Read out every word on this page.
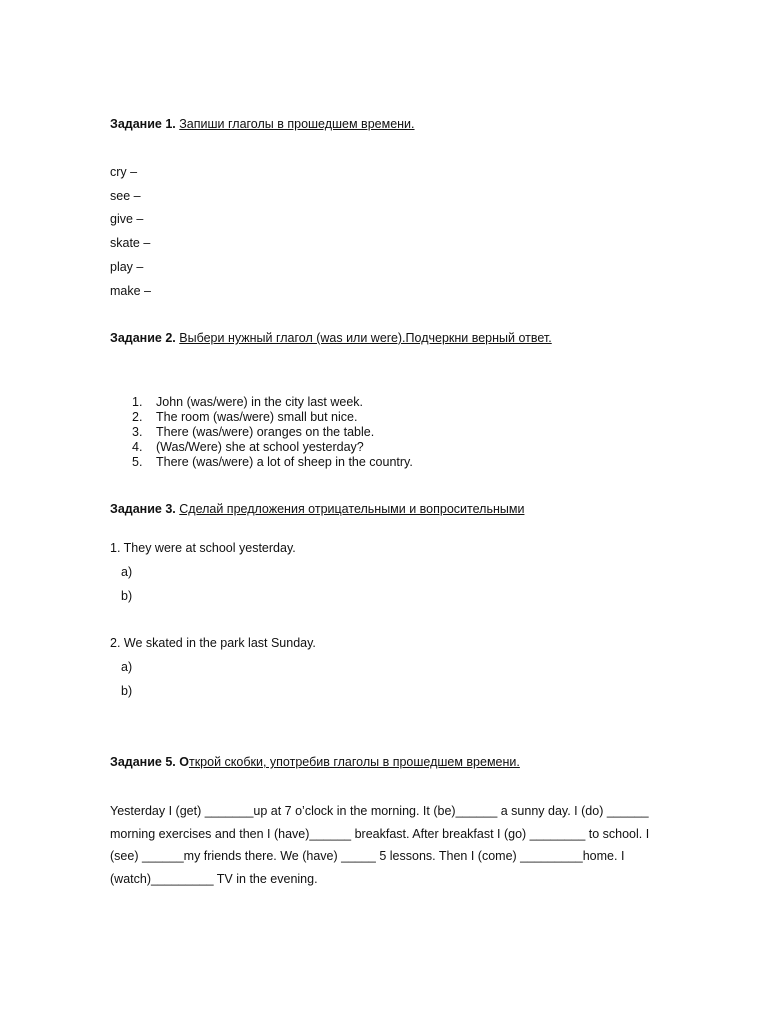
Задание 1. Запиши глаголы в прошедшем времени.
cry –
see –
give –
skate –
play –
make –
Задание 2. Выбери нужный глагол (was или were).Подчеркни верный ответ.
1. John (was/were) in the city last week.
2. The room (was/were) small but nice.
3. There (was/were) oranges on the table.
4. (Was/Were) she at school yesterday?
5. There (was/were) a lot of sheep in the country.
Задание 3. Сделай предложения отрицательными и вопросительными
1. They were at school yesterday.
a)
b)
2. We skated in the park last Sunday.
a)
b)
Задание 5. Открой скобки, употребив глаголы в прошедшем времени.
Yesterday I (get) _______up at 7 o’clock in the morning. It (be)______ a sunny day. I (do) ______
morning exercises and then I (have)______ breakfast. After breakfast I (go) ________ to school. I
(see) ______my friends there. We (have) _____ 5 lessons. Then I (come) _________home. I
(watch)_________ TV in the evening.
